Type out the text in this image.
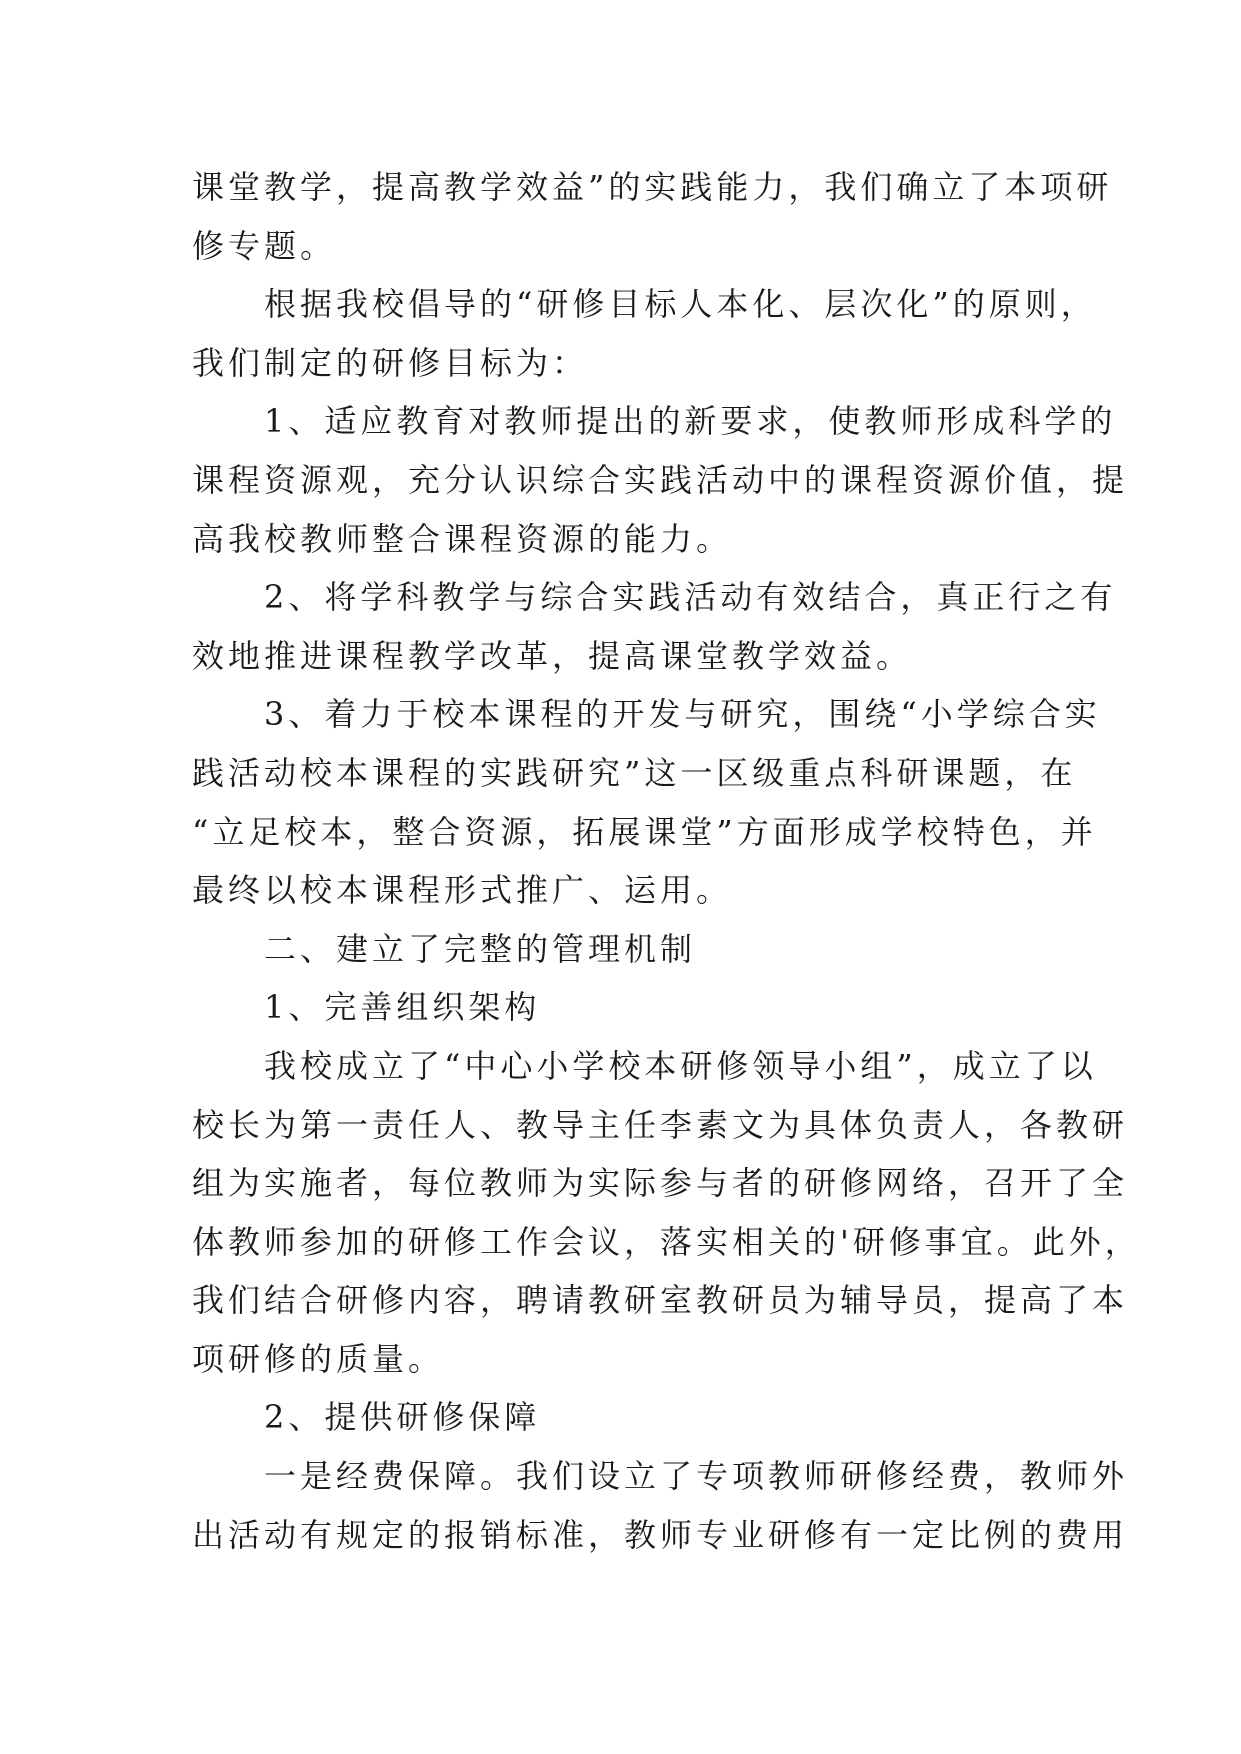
课堂教学，提高教学效益”的实践能力，我们确立了本项研
修专题。
　　根据我校倡导的“研修目标人本化、层次化”的原则，
我们制定的研修目标为：
　　1、适应教育对教师提出的新要求，使教师形成科学的
课程资源观，充分认识综合实践活动中的课程资源价值，提
高我校教师整合课程资源的能力。
　　2、将学科教学与综合实践活动有效结合，真正行之有
效地推进课程教学改革，提高课堂教学效益。
　　3、着力于校本课程的开发与研究，围绕“小学综合实
践活动校本课程的实践研究”这一区级重点科研课题，在
“立足校本，整合资源，拓展课堂”方面形成学校特色，并
最终以校本课程形式推广、运用。
　　二、建立了完整的管理机制
　　1、完善组织架构
　　我校成立了“中心小学校本研修领导小组”，成立了以
校长为第一责任人、教导主任李素文为具体负责人，各教研
组为实施者，每位教师为实际参与者的研修网络，召开了全
体教师参加的研修工作会议，落实相关的'研修事宜。此外，
我们结合研修内容，聘请教研室教研员为辅导员，提高了本
项研修的质量。
　　2、提供研修保障
　　一是经费保障。我们设立了专项教师研修经费，教师外
出活动有规定的报销标准，教师专业研修有一定比例的费用
